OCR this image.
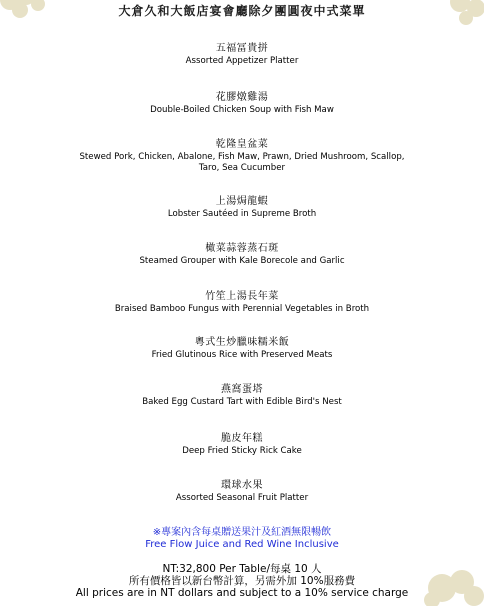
大倉久和大飯店宴會廳除夕團圓夜中式菜單
五福冨貴拼
Assorted Appetizer Platter
花膠燉雞湯
Double-Boiled Chicken Soup with Fish Maw
乾隆皇盆菜
Stewed Pork, Chicken, Abalone, Fish Maw, Prawn, Dried Mushroom, Scallop,
Taro, Sea Cucumber
上湯焗龍蝦
Lobster Sautéed in Supreme Broth
橄菜蒜蓉蒸石斑
Steamed Grouper with Kale Borecole and Garlic
竹笙上湯長年菜
Braised Bamboo Fungus with Perennial Vegetables in Broth
粵式生炒臘味糯米飯
Fried Glutinous Rice with Preserved Meats
燕窩蛋塔
Baked Egg Custard Tart with Edible Bird's Nest
脆皮年糕
Deep Fried Sticky Rick Cake
環球水果
Assorted Seasonal Fruit Platter
※專案內含每桌贈送果汁及紅酒無限暢飲
Free Flow Juice and Red Wine Inclusive
NT:32,800 Per Table/每桌 10 人
所有價格皆以新台幣計算，另需外加 10%服務費
All prices are in NT dollars and subject to a 10% service charge
